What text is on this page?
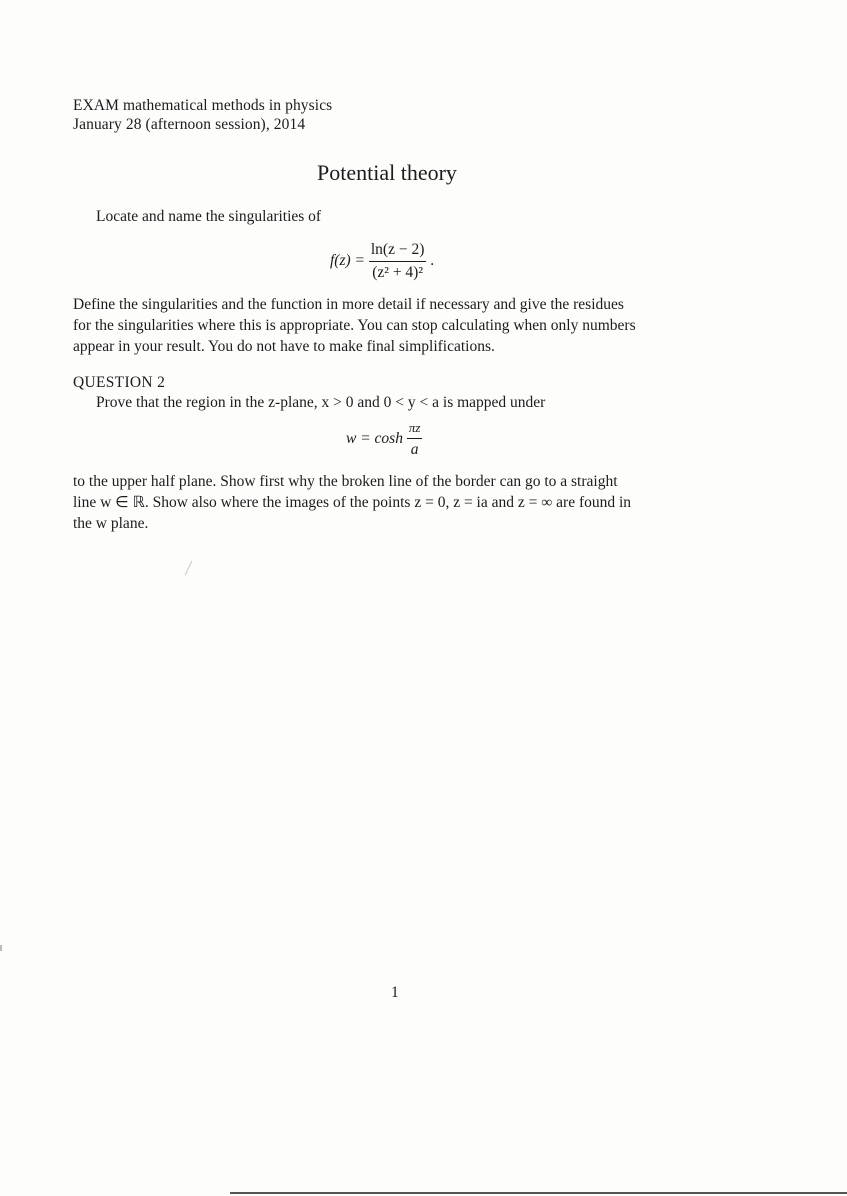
EXAM mathematical methods in physics
January 28 (afternoon session), 2014
Potential theory
Locate and name the singularities of
$f(z) = \frac{\ln(z - 2)}{\text{(z² + 4)²}}$ .
Define the singularities and the function in more detail if necessary and give the residues
for the singularities where this is appropriate. You can stop calculating when only numbers
appear in your result. You do not have to make final simplifications.
QUESTION 2
Prove that the region in the z-plane, x > 0 and 0 < y < a is mapped under
$w = \cosh \frac{\pi z}{a}$
to the upper half plane. Show first why the broken line of the border can go to a straight
line w ∈ ℝ. Show also where the images of the points z = 0, z = ia and z = ∞ are found in
the w plane.
1
